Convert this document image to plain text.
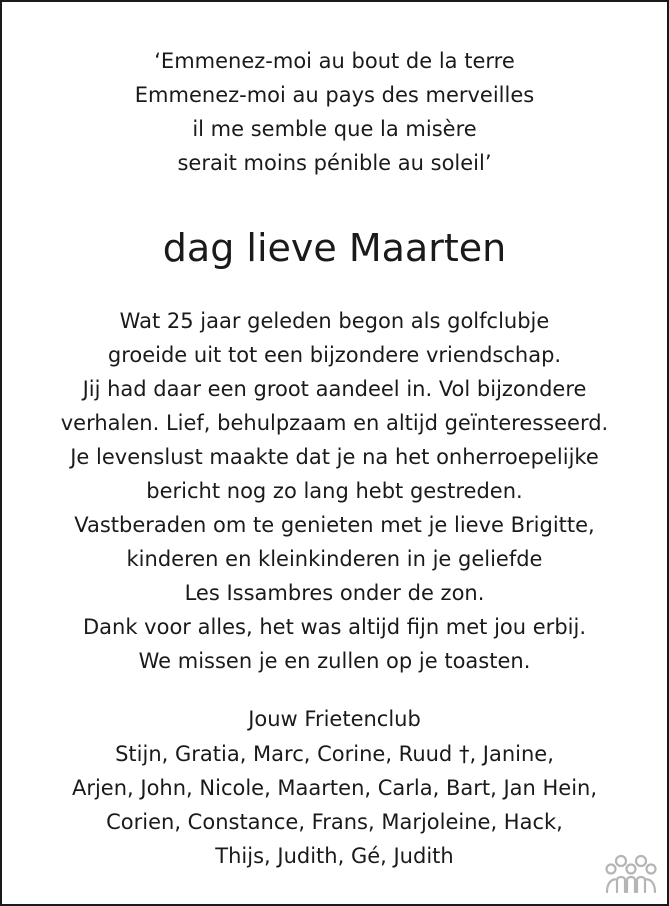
‘Emmenez-moi au bout de la terre
Emmenez-moi au pays des merveilles
il me semble que la misère
serait moins pénible au soleil’
dag lieve Maarten
Wat 25 jaar geleden begon als golfclubje
groeide uit tot een bijzondere vriendschap.
Jij had daar een groot aandeel in. Vol bijzondere
verhalen. Lief, behulpzaam en altijd geïnteresseerd.
Je levenslust maakte dat je na het onherroepelijke
bericht nog zo lang hebt gestreden.
Vastberaden om te genieten met je lieve Brigitte,
kinderen en kleinkinderen in je geliefde
Les Issambres onder de zon.
Dank voor alles, het was altijd fijn met jou erbij.
We missen je en zullen op je toasten.
Jouw Frietenclub
Stijn, Gratia, Marc, Corine, Ruud †, Janine,
Arjen, John, Nicole, Maarten, Carla, Bart, Jan Hein,
Corien, Constance, Frans, Marjoleine, Hack,
Thijs, Judith, Gé, Judith
